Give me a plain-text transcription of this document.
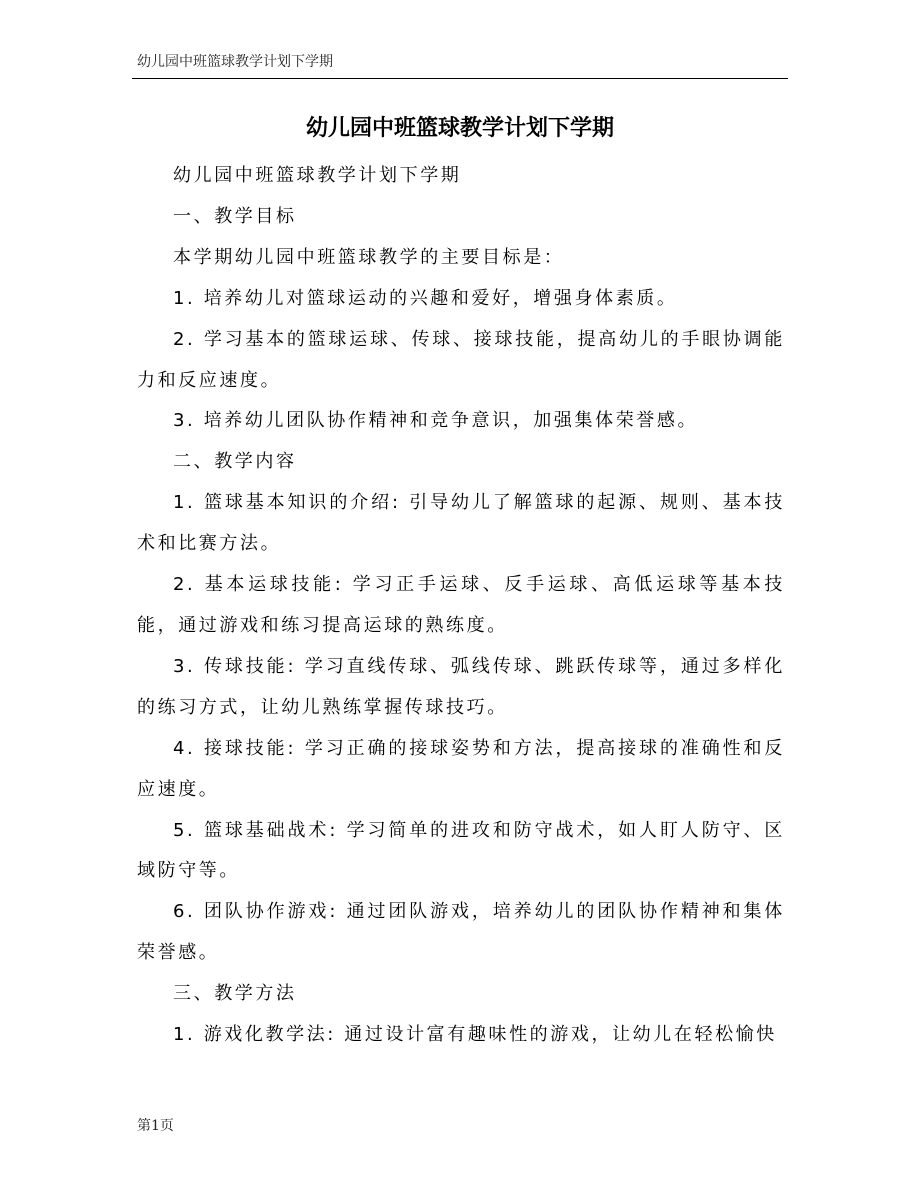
幼儿园中班篮球教学计划下学期
幼儿园中班篮球教学计划下学期

幼儿园中班篮球教学计划下学期

一、教学目标

本学期幼儿园中班篮球教学的主要目标是：

1. 培养幼儿对篮球运动的兴趣和爱好，增强身体素质。

2. 学习基本的篮球运球、传球、接球技能，提高幼儿的手眼协调能力和反应速度。

3. 培养幼儿团队协作精神和竞争意识，加强集体荣誉感。

二、教学内容

1. 篮球基本知识的介绍: 引导幼儿了解篮球的起源、规则、基本技术和比赛方法。

2. 基本运球技能: 学习正手运球、反手运球、高低运球等基本技能，通过游戏和练习提高运球的熟练度。

3. 传球技能: 学习直线传球、弧线传球、跳跃传球等，通过多样化的练习方式，让幼儿熟练掌握传球技巧。

4. 接球技能: 学习正确的接球姿势和方法，提高接球的准确性和反应速度。

5. 篮球基础战术: 学习简单的进攻和防守战术，如人盯人防守、区域防守等。

6. 团队协作游戏: 通过团队游戏，培养幼儿的团队协作精神和集体荣誉感。

三、教学方法

1. 游戏化教学法: 通过设计富有趣味性的游戏，让幼儿在轻松愉快

第1页
